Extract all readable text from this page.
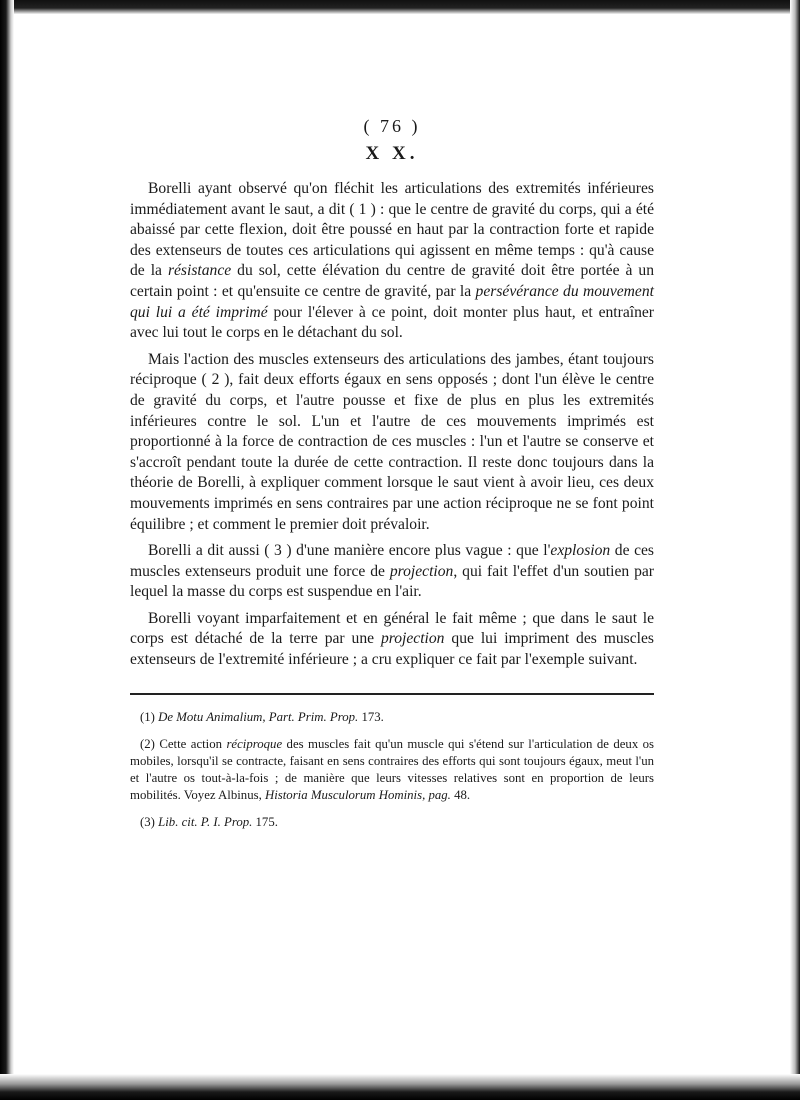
( 76 )
X X.

Borelli ayant observé qu'on fléchit les articulations des extremités inférieures immédiatement avant le saut, a dit ( 1 ) : que le centre de gravité du corps, qui a été abaissé par cette flexion, doit être poussé en haut par la contraction forte et rapide des extenseurs de toutes ces articulations qui agissent en même temps : qu'à cause de la résistance du sol, cette élévation du centre de gravité doit être portée à un certain point : et qu'ensuite ce centre de gravité, par la persévérance du mouvement qui lui a été imprimé pour l'élever à ce point, doit monter plus haut, et entraîner avec lui tout le corps en le détachant du sol.

Mais l'action des muscles extenseurs des articulations des jambes, étant toujours réciproque ( 2 ), fait deux efforts égaux en sens opposés ; dont l'un élève le centre de gravité du corps, et l'autre pousse et fixe de plus en plus les extremités inférieures contre le sol. L'un et l'autre de ces mouvements imprimés est proportionné à la force de contraction de ces muscles : l'un et l'autre se conserve et s'accroît pendant toute la durée de cette contraction. Il reste donc toujours dans la théorie de Borelli, à expliquer comment lorsque le saut vient à avoir lieu, ces deux mouvements imprimés en sens contraires par une action réciproque ne se font point équilibre ; et comment le premier doit prévaloir.

Borelli a dit aussi ( 3 ) d'une manière encore plus vague : que l'explosion de ces muscles extenseurs produit une force de projection, qui fait l'effet d'un soutien par lequel la masse du corps est suspendue en l'air.

Borelli voyant imparfaitement et en général le fait même ; que dans le saut le corps est détaché de la terre par une projection que lui impriment des muscles extenseurs de l'extremité inférieure ; a cru expliquer ce fait par l'exemple suivant.

(1) De Motu Animalium, Part. Prim. Prop. 173.

(2) Cette action réciproque des muscles fait qu'un muscle qui s'étend sur l'articulation de deux os mobiles, lorsqu'il se contracte, faisant en sens contraires des efforts qui sont toujours égaux, meut l'un et l'autre os tout-à-la-fois ; de manière que leurs vitesses relatives sont en proportion de leurs mobilités. Voyez Albinus, Historia Musculorum Hominis, pag. 48.

(3) Lib. cit. P. I. Prop. 175.
